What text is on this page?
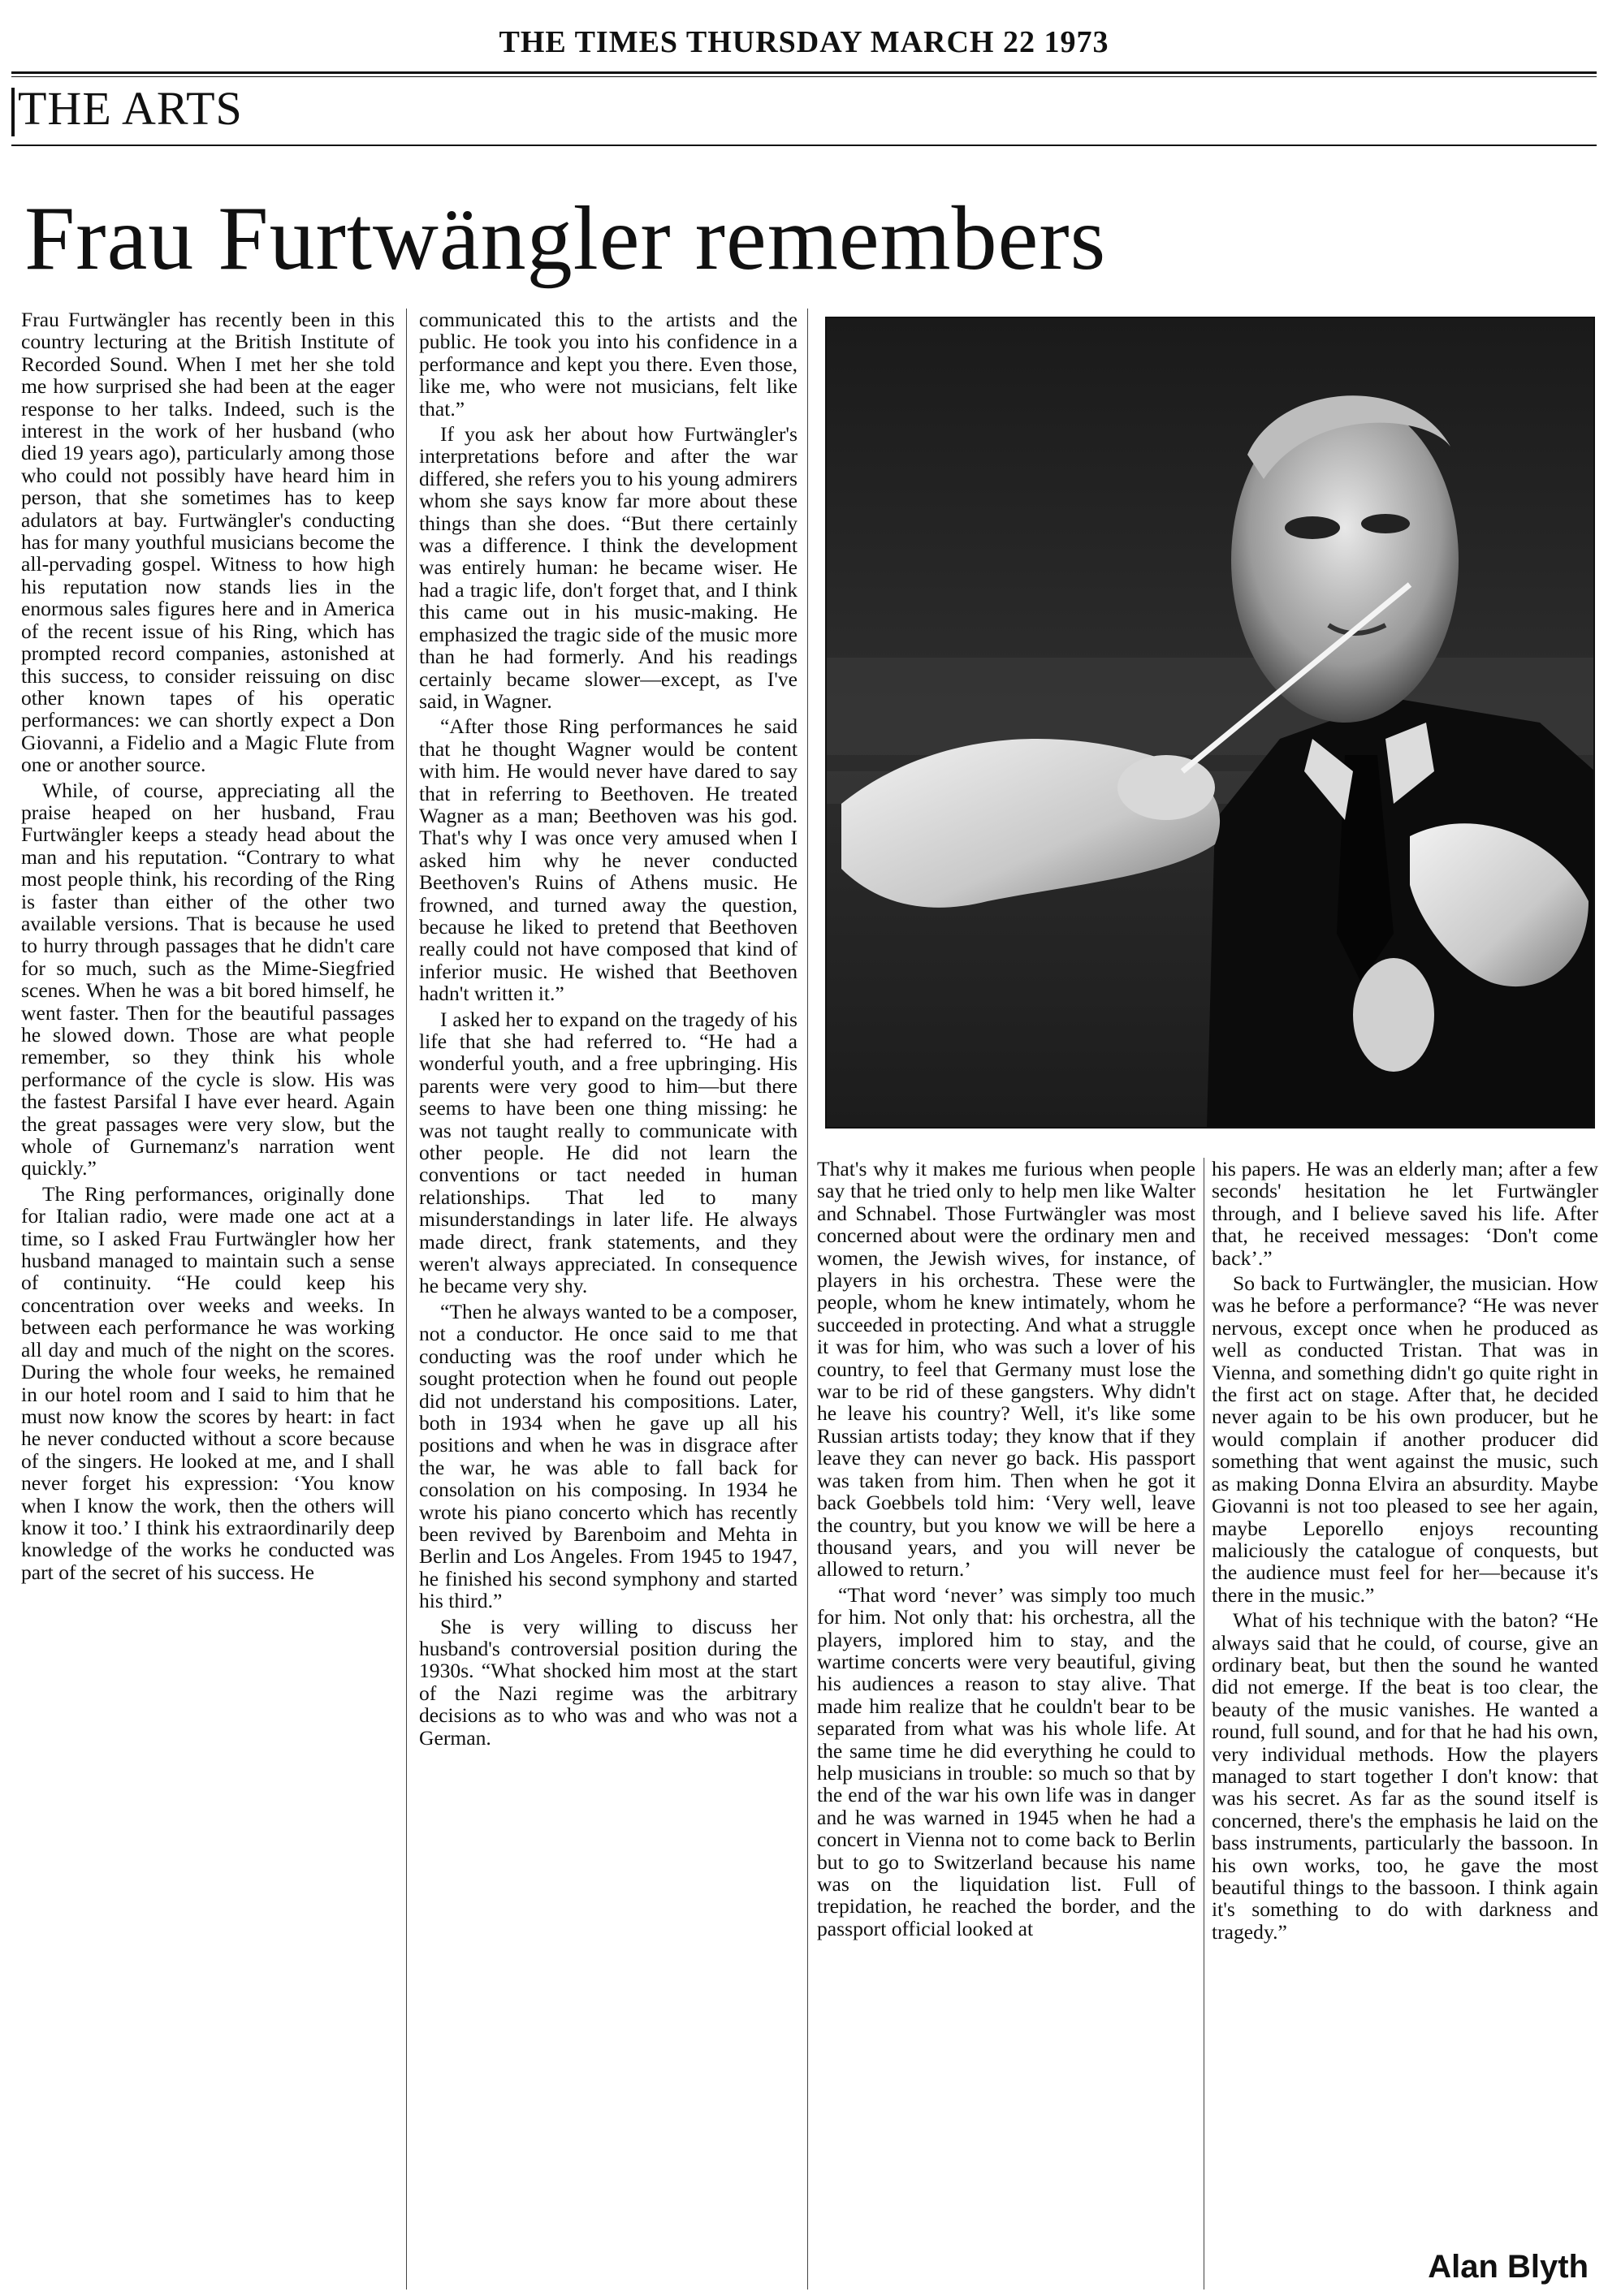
THE TIMES THURSDAY MARCH 22 1973
THE ARTS
Frau Furtwängler remembers

Frau Furtwängler has recently been in this country lecturing at the British Institute of Recorded Sound. When I met her she told me how surprised she had been at the eager response to her talks. Indeed, such is the interest in the work of her husband (who died 19 years ago), particularly among those who could not possibly have heard him in person, that she sometimes has to keep adulators at bay. Furtwängler's conducting has for many youthful musicians become the all-pervading gospel. Witness to how high his reputation now stands lies in the enormous sales figures here and in America of the recent issue of his Ring, which has prompted record companies, astonished at this success, to consider reissuing on disc other known tapes of his operatic performances: we can shortly expect a Don Giovanni, a Fidelio and a Magic Flute from one or another source.

While, of course, appreciating all the praise heaped on her husband, Frau Furtwängler keeps a steady head about the man and his reputation. “Contrary to what most people think, his recording of the Ring is faster than either of the other two available versions. That is because he used to hurry through passages that he didn't care for so much, such as the Mime-Siegfried scenes. When he was a bit bored himself, he went faster. Then for the beautiful passages he slowed down. Those are what people remember, so they think his whole performance of the cycle is slow. His was the fastest Parsifal I have ever heard. Again the great passages were very slow, but the whole of Gurnemanz's narration went quickly.”

The Ring performances, originally done for Italian radio, were made one act at a time, so I asked Frau Furtwängler how her husband managed to maintain such a sense of continuity. “He could keep his concentration over weeks and weeks. In between each performance he was working all day and much of the night on the scores. During the whole four weeks, he remained in our hotel room and I said to him that he must now know the scores by heart: in fact he never conducted without a score because of the singers. He looked at me, and I shall never forget his expression: ‘You know when I know the work, then the others will know it too.’ I think his extraordinarily deep knowledge of the works he conducted was part of the secret of his success. He

communicated this to the artists and the public. He took you into his confidence in a performance and kept you there. Even those, like me, who were not musicians, felt like that.”

If you ask her about how Furtwängler's interpretations before and after the war differed, she refers you to his young admirers whom she says know far more about these things than she does. “But there certainly was a difference. I think the development was entirely human: he became wiser. He had a tragic life, don't forget that, and I think this came out in his music-making. He emphasized the tragic side of the music more than he had formerly. And his readings certainly became slower—except, as I've said, in Wagner.

“After those Ring performances he said that he thought Wagner would be content with him. He would never have dared to say that in referring to Beethoven. He treated Wagner as a man; Beethoven was his god. That's why I was once very amused when I asked him why he never conducted Beethoven's Ruins of Athens music. He frowned, and turned away the question, because he liked to pretend that Beethoven really could not have composed that kind of inferior music. He wished that Beethoven hadn't written it.”

I asked her to expand on the tragedy of his life that she had referred to. “He had a wonderful youth, and a free upbringing. His parents were very good to him—but there seems to have been one thing missing: he was not taught really to communicate with other people. He did not learn the conventions or tact needed in human relationships. That led to many misunderstandings in later life. He always made direct, frank statements, and they weren't always appreciated. In consequence he became very shy.

“Then he always wanted to be a composer, not a conductor. He once said to me that conducting was the roof under which he sought protection when he found out people did not understand his compositions. Later, both in 1934 when he gave up all his positions and when he was in disgrace after the war, he was able to fall back for consolation on his composing. In 1934 he wrote his piano concerto which has recently been revived by Barenboim and Mehta in Berlin and Los Angeles. From 1945 to 1947, he finished his second symphony and started his third.”

She is very willing to discuss her husband's controversial position during the 1930s. “What shocked him most at the start of the Nazi regime was the arbitrary decisions as to who was and who was not a German.

That's why it makes me furious when people say that he tried only to help men like Walter and Schnabel. Those Furtwängler was most concerned about were the ordinary men and women, the Jewish wives, for instance, of players in his orchestra. These were the people, whom he knew intimately, whom he succeeded in protecting. And what a struggle it was for him, who was such a lover of his country, to feel that Germany must lose the war to be rid of these gangsters. Why didn't he leave his country? Well, it's like some Russian artists today; they know that if they leave they can never go back. His passport was taken from him. Then when he got it back Goebbels told him: ‘Very well, leave the country, but you know we will be here a thousand years, and you will never be allowed to return.’

“That word ‘never’ was simply too much for him. Not only that: his orchestra, all the players, implored him to stay, and the wartime concerts were very beautiful, giving his audiences a reason to stay alive. That made him realize that he couldn't bear to be separated from what was his whole life. At the same time he did everything he could to help musicians in trouble: so much so that by the end of the war his own life was in danger and he was warned in 1945 when he had a concert in Vienna not to come back to Berlin but to go to Switzerland because his name was on the liquidation list. Full of trepidation, he reached the border, and the passport official looked at

his papers. He was an elderly man; after a few seconds' hesitation he let Furtwängler through, and I believe saved his life. After that, he received messages: ‘Don't come back’.”

So back to Furtwängler, the musician. How was he before a performance? “He was never nervous, except once when he produced as well as conducted Tristan. That was in Vienna, and something didn't go quite right in the first act on stage. After that, he decided never again to be his own producer, but he would complain if another producer did something that went against the music, such as making Donna Elvira an absurdity. Maybe Giovanni is not too pleased to see her again, maybe Leporello enjoys recounting maliciously the catalogue of conquests, but the audience must feel for her—because it's there in the music.”

What of his technique with the baton? “He always said that he could, of course, give an ordinary beat, but then the sound he wanted did not emerge. If the beat is too clear, the beauty of the music vanishes. He wanted a round, full sound, and for that he had his own, very individual methods. How the players managed to start together I don't know: that was his secret. As far as the sound itself is concerned, there's the emphasis he laid on the bass instruments, particularly the bassoon. In his own works, too, he gave the most beautiful things to the bassoon. I think again it's something to do with darkness and tragedy.”

Alan Blyth
